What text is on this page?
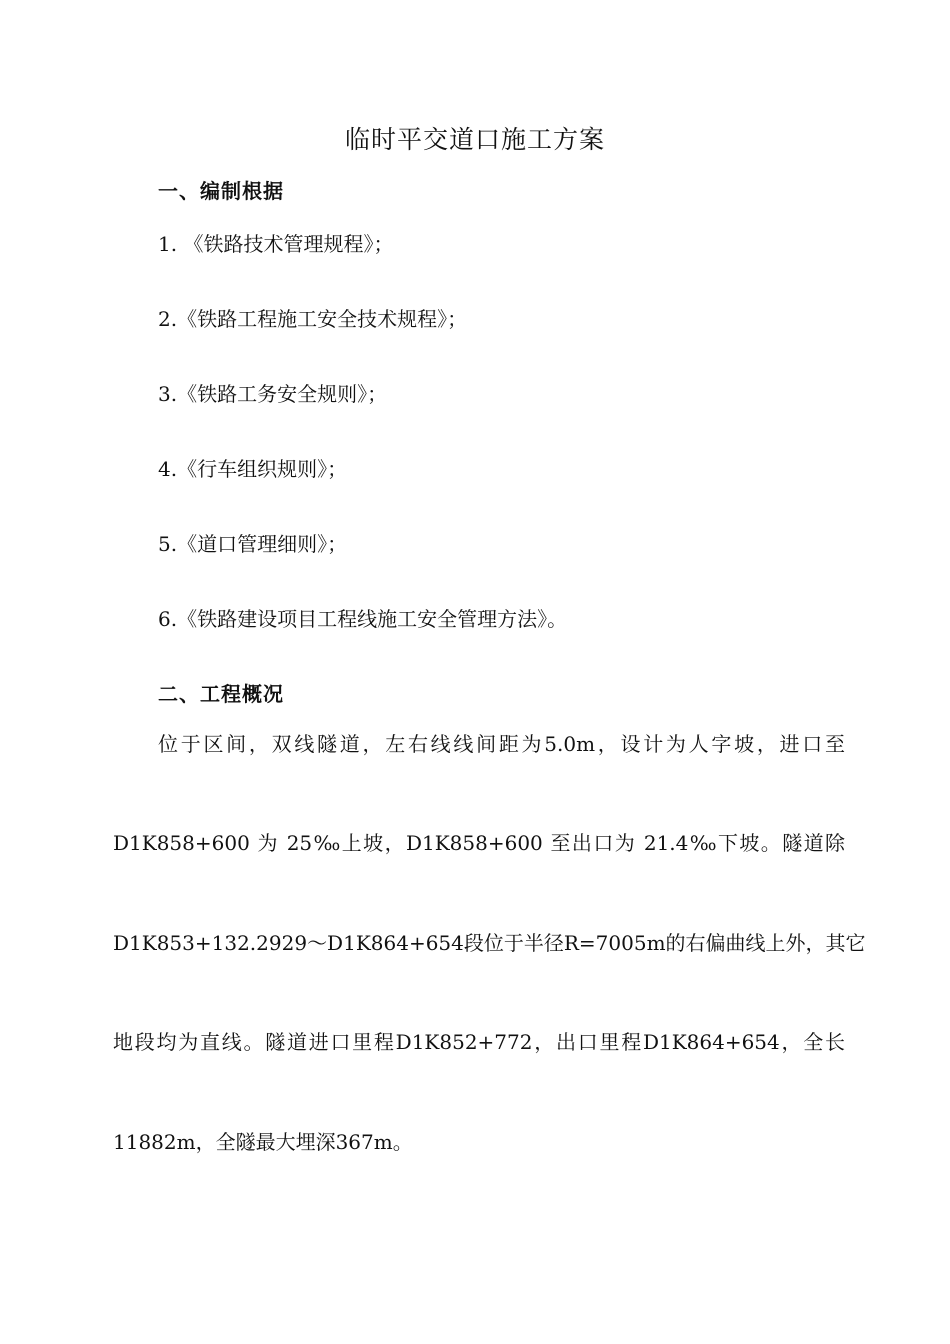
临时平交道口施工方案
一、编制根据
1. 《铁路技术管理规程》；
2.《铁路工程施工安全技术规程》；
3.《铁路工务安全规则》；
4.《行车组织规则》；
5.《道口管理细则》；
6.《铁路建设项目工程线施工安全管理方法》。
二、工程概况
位于区间，双线隧道，左右线线间距为5.0m，设计为人字坡，进口至
D1K858+600 为 25‰上坡，D1K858+600 至出口为 21.4‰下坡。隧道除
D1K853+132.2929～D1K864+654段位于半径R=7005m的右偏曲线上外，其它
地段均为直线。隧道进口里程D1K852+772，出口里程D1K864+654，全长
11882m，全隧最大埋深367m。
